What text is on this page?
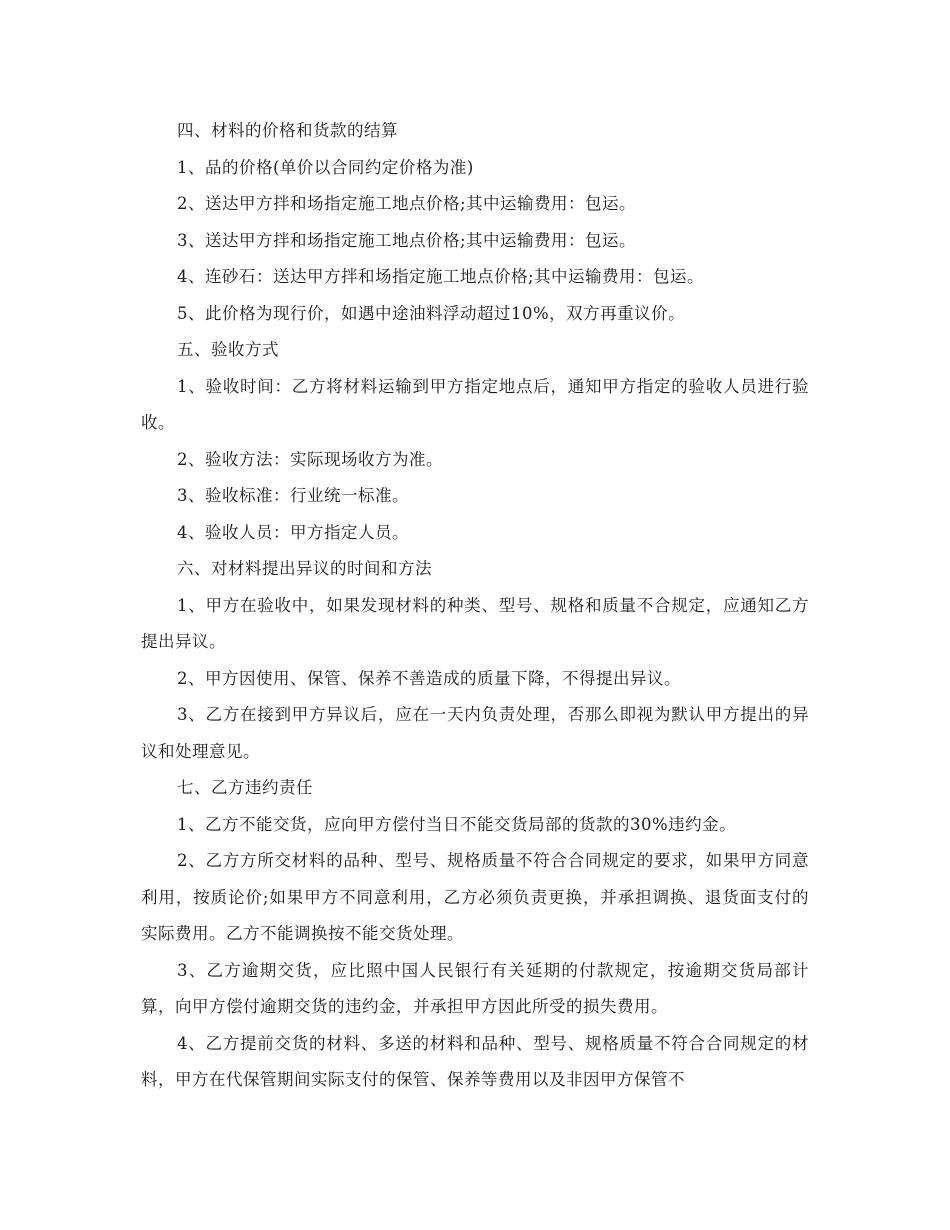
四、材料的价格和货款的结算

1、品的价格(单价以合同约定价格为准)

2、送达甲方拌和场指定施工地点价格;其中运输费用：包运。

3、送达甲方拌和场指定施工地点价格;其中运输费用：包运。

4、连砂石：送达甲方拌和场指定施工地点价格;其中运输费用：包运。

5、此价格为现行价，如遇中途油料浮动超过10%，双方再重议价。

五、验收方式

1、验收时间：乙方将材料运输到甲方指定地点后，通知甲方指定的验收人员进行验收。

2、验收方法：实际现场收方为准。

3、验收标准：行业统一标准。

4、验收人员：甲方指定人员。

六、对材料提出异议的时间和方法

1、甲方在验收中，如果发现材料的种类、型号、规格和质量不合规定，应通知乙方提出异议。

2、甲方因使用、保管、保养不善造成的质量下降，不得提出异议。

3、乙方在接到甲方异议后，应在一天内负责处理，否那么即视为默认甲方提出的异议和处理意见。

七、乙方违约责任

1、乙方不能交货，应向甲方偿付当日不能交货局部的货款的30%违约金。

2、乙方方所交材料的品种、型号、规格质量不符合合同规定的要求，如果甲方同意利用，按质论价;如果甲方不同意利用，乙方必须负责更换，并承担调换、退货面支付的实际费用。乙方不能调换按不能交货处理。

3、乙方逾期交货，应比照中国人民银行有关延期的付款规定，按逾期交货局部计算，向甲方偿付逾期交货的违约金，并承担甲方因此所受的损失费用。

4、乙方提前交货的材料、多送的材料和品种、型号、规格质量不符合合同规定的材料，甲方在代保管期间实际支付的保管、保养等费用以及非因甲方保管不
